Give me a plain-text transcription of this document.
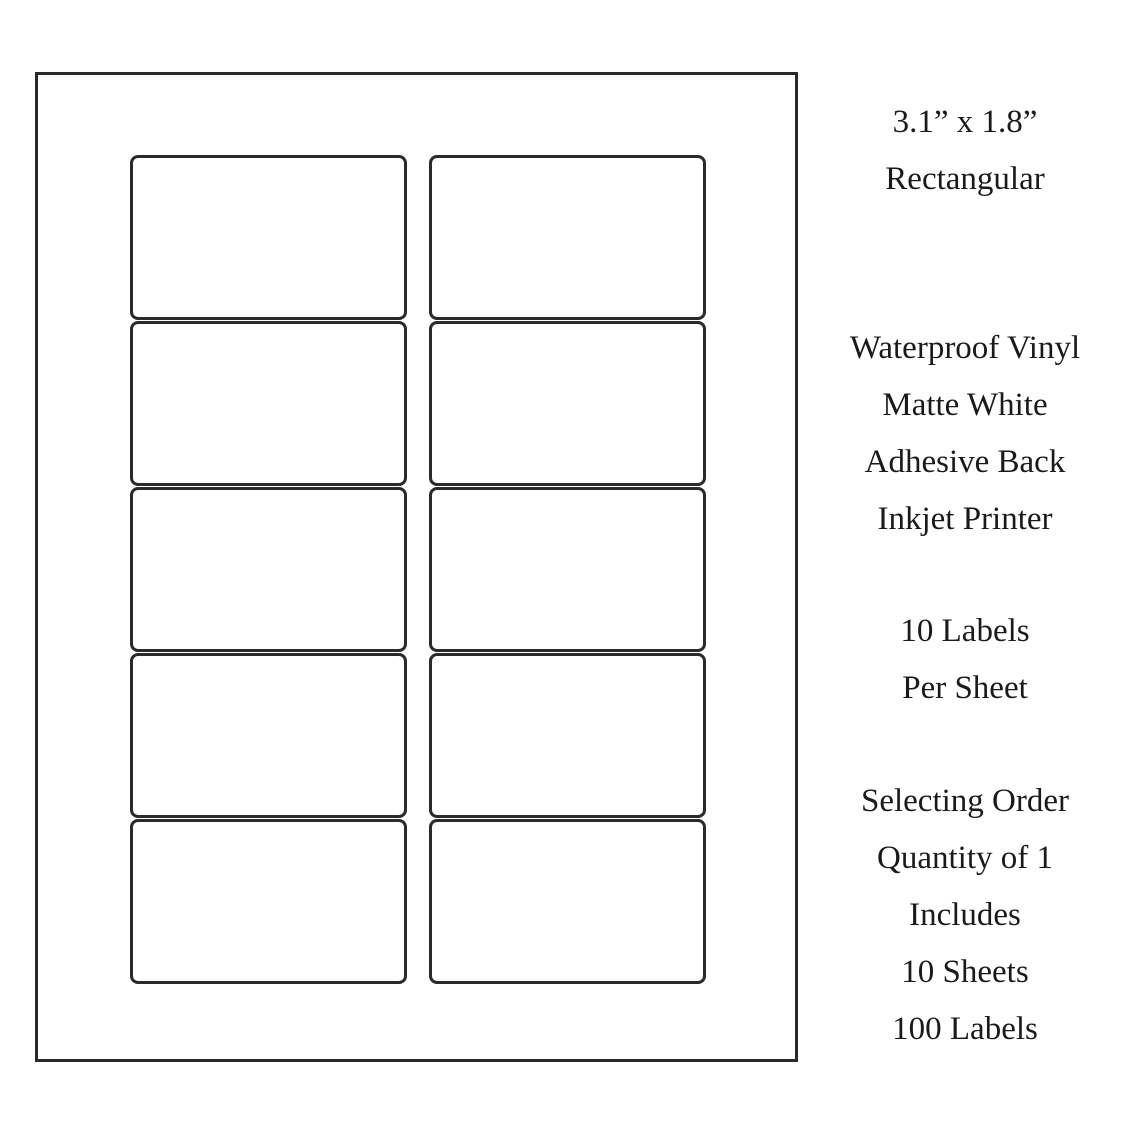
3.1” x 1.8”
Rectangular
Waterproof Vinyl
Matte White
Adhesive Back
Inkjet Printer
10 Labels
Per Sheet
Selecting Order
Quantity of 1
Includes
10 Sheets
100 Labels
